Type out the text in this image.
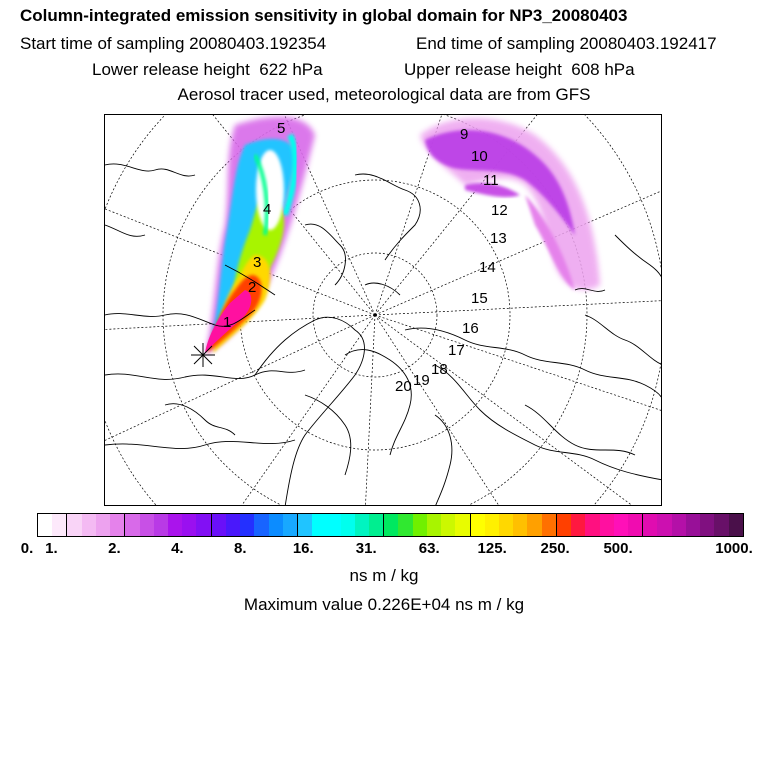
Column-integrated emission sensitivity in global domain for NP3_20080403
Start time of sampling 20080403.192354	End time of sampling 20080403.192417
Lower release height  622 hPa	Upper release height  608 hPa
Aerosol tracer used, meteorological data are from GFS
1
2
3
4
5	9
10
11
12
13
14
15
16
17
18
19
20
0. 1.	2.	4.	8.	16.	31.	63.	125. 250. 500.	1000.
ns m / kg
Maximum value 0.226E+04 ns m / kg
